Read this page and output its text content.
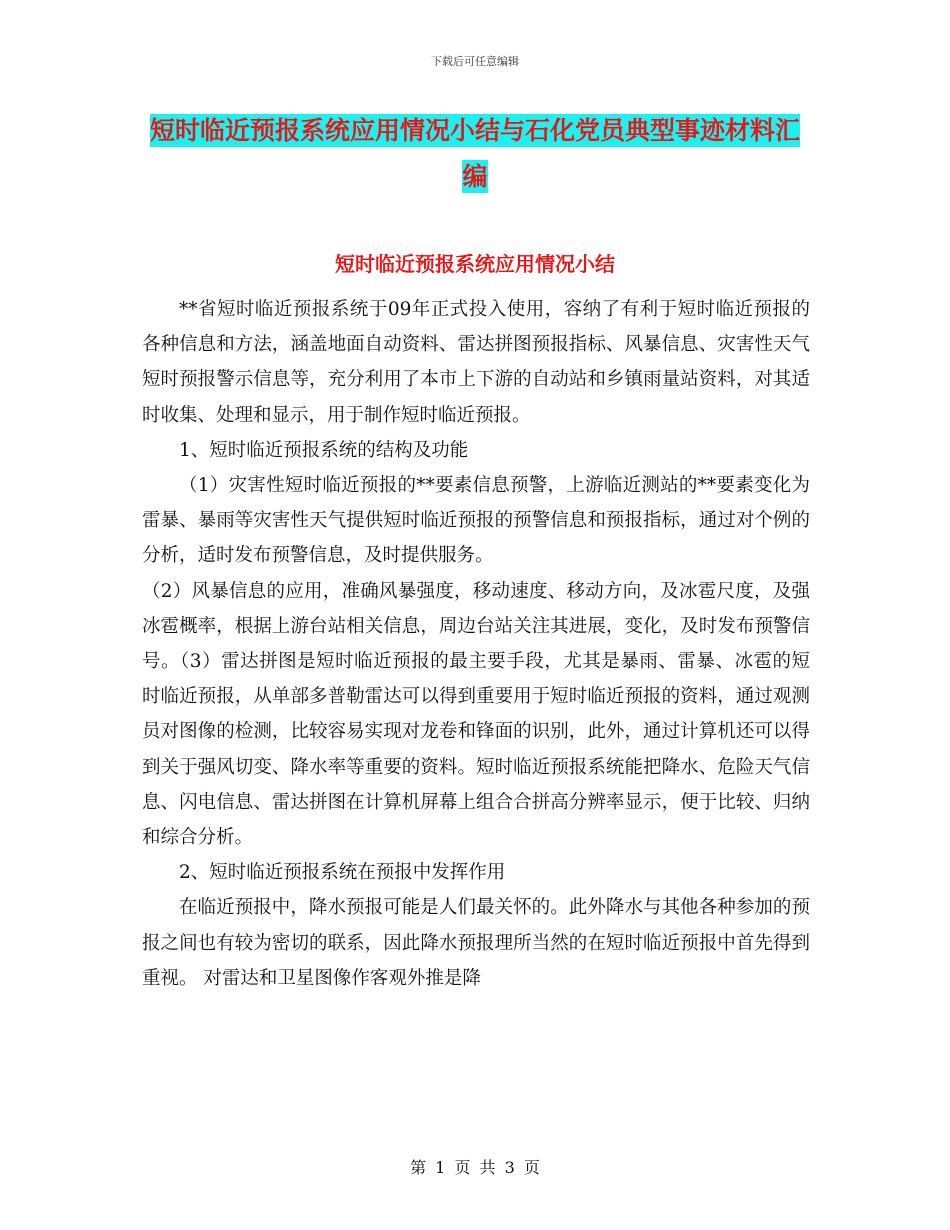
下载后可任意编辑
短时临近预报系统应用情况小结与石化党员典型事迹材料汇编
短时临近预报系统应用情况小结

**省短时临近预报系统于09年正式投入使用，容纳了有利于短时临近预报的各种信息和方法，涵盖地面自动资料、雷达拼图预报指标、风暴信息、灾害性天气短时预报警示信息等，充分利用了本市上下游的自动站和乡镇雨量站资料，对其适时收集、处理和显示，用于制作短时临近预报。

1、短时临近预报系统的结构及功能

（1）灾害性短时临近预报的**要素信息预警，上游临近测站的**要素变化为雷暴、暴雨等灾害性天气提供短时临近预报的预警信息和预报指标，通过对个例的分析，适时发布预警信息，及时提供服务。

（2）风暴信息的应用，准确风暴强度，移动速度、移动方向，及冰雹尺度，及强冰雹概率，根据上游台站相关信息，周边台站关注其进展，变化，及时发布预警信号。（3）雷达拼图是短时临近预报的最主要手段，尤其是暴雨、雷暴、冰雹的短时临近预报，从单部多普勒雷达可以得到重要用于短时临近预报的资料，通过观测员对图像的检测，比较容易实现对龙卷和锋面的识别，此外，通过计算机还可以得到关于强风切变、降水率等重要的资料。短时临近预报系统能把降水、危险天气信息、闪电信息、雷达拼图在计算机屏幕上组合合拼高分辨率显示，便于比较、归纳和综合分析。

2、短时临近预报系统在预报中发挥作用

在临近预报中，降水预报可能是人们最关怀的。此外降水与其他各种参加的预报之间也有较为密切的联系，因此降水预报理所当然的在短时临近预报中首先得到重视。 对雷达和卫星图像作客观外推是降

第 1 页 共 3 页
